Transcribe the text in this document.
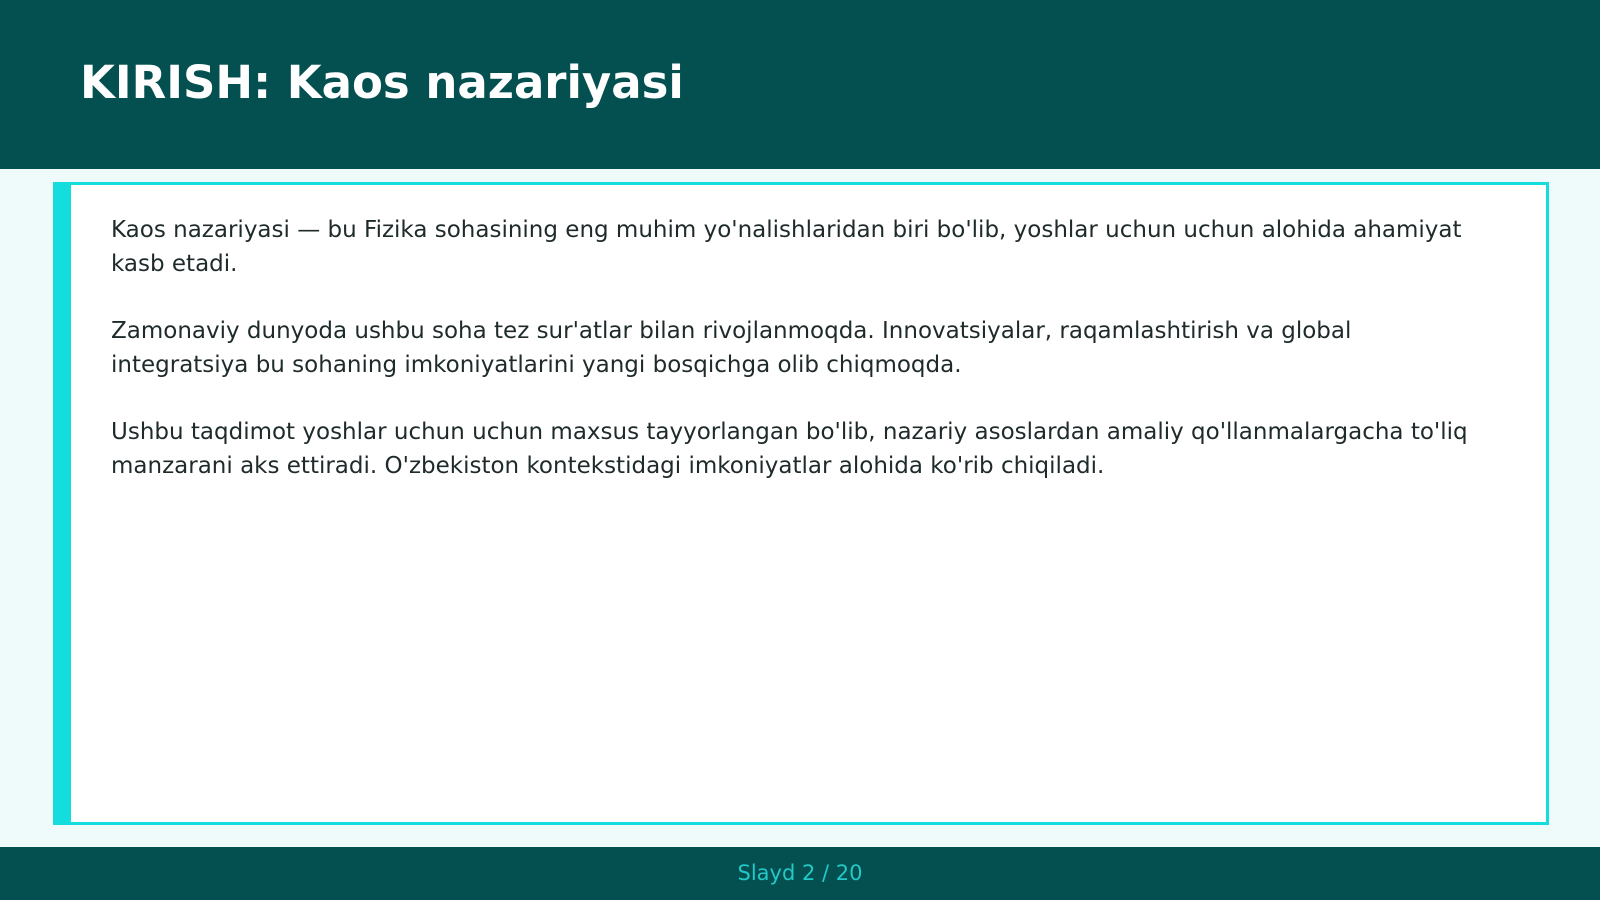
KIRISH: Kaos nazariyasi

Kaos nazariyasi — bu Fizika sohasining eng muhim yo'nalishlaridan biri bo'lib, yoshlar uchun uchun alohida ahamiyat kasb etadi.

Zamonaviy dunyoda ushbu soha tez sur'atlar bilan rivojlanmoqda. Innovatsiyalar, raqamlashtirish va global integratsiya bu sohaning imkoniyatlarini yangi bosqichga olib chiqmoqda.

Ushbu taqdimot yoshlar uchun uchun maxsus tayyorlangan bo'lib, nazariy asoslardan amaliy qo'llanmalargacha to'liq manzarani aks ettiradi. O'zbekiston kontekstidagi imkoniyatlar alohida ko'rib chiqiladi.

Slayd 2 / 20
